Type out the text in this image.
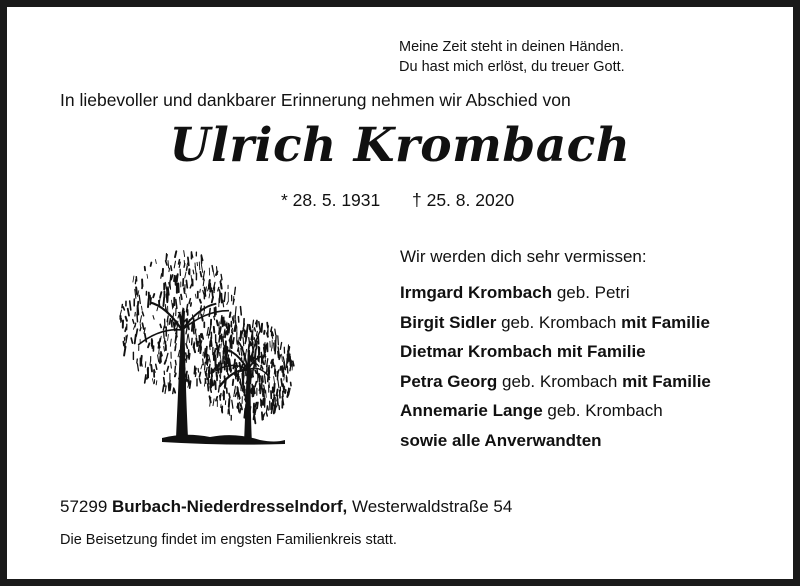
Meine Zeit steht in deinen Händen.
Du hast mich erlöst, du treuer Gott.
In liebevoller und dankbarer Erinnerung nehmen wir Abschied von
Ulrich Krombach
* 28. 5. 1931 † 25. 8. 2020
Wir werden dich sehr vermissen:
Irmgard Krombach geb. Petri
Birgit Sidler geb. Krombach mit Familie
Dietmar Krombach mit Familie
Petra Georg geb. Krombach mit Familie
Annemarie Lange geb. Krombach
sowie alle Anverwandten
57299 Burbach-Niederdresselndorf, Westerwaldstraße 54
Die Beisetzung findet im engsten Familienkreis statt.
